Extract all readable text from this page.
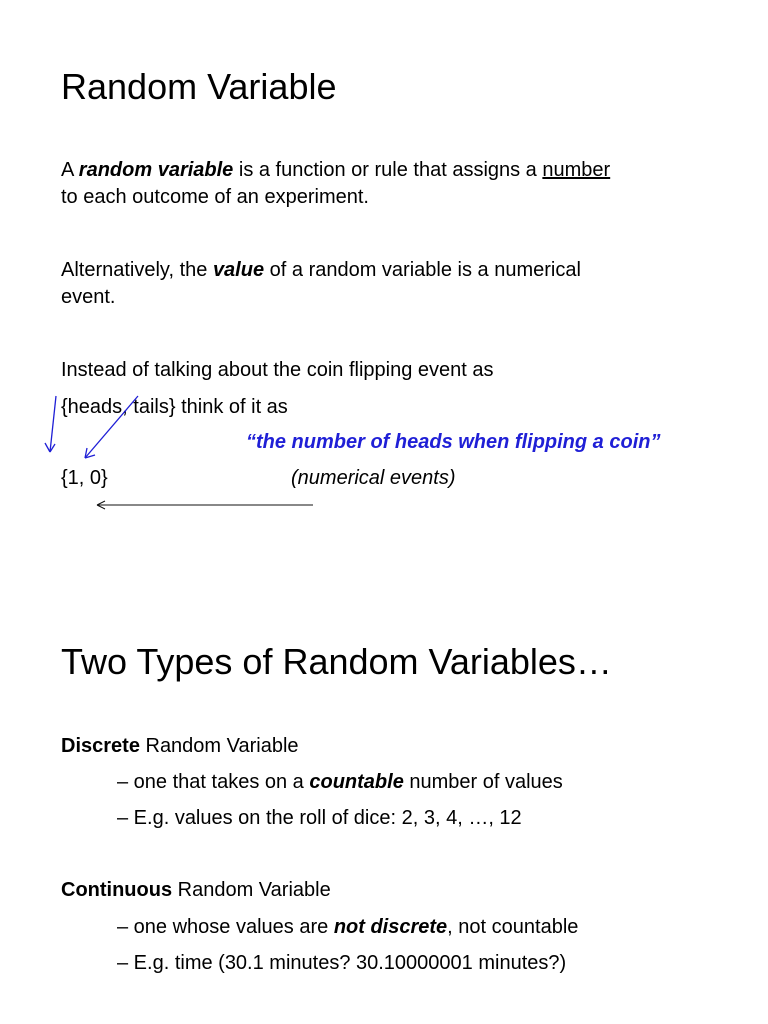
Random Variable

A random variable is a function or rule that assigns a number

to each outcome of an experiment.

Alternatively, the value of a random variable is a numerical

event.

Instead of talking about the coin flipping event as

{heads, tails} think of it as

“the number of heads when flipping a coin”

{1, 0}	(numerical events)

Two Types of Random Variables…

Discrete Random Variable

– one that takes on a countable number of values

– E.g. values on the roll of dice: 2, 3, 4, …, 12

Continuous Random Variable

– one whose values are not discrete, not countable

– E.g. time (30.1 minutes? 30.10000001 minutes?)
